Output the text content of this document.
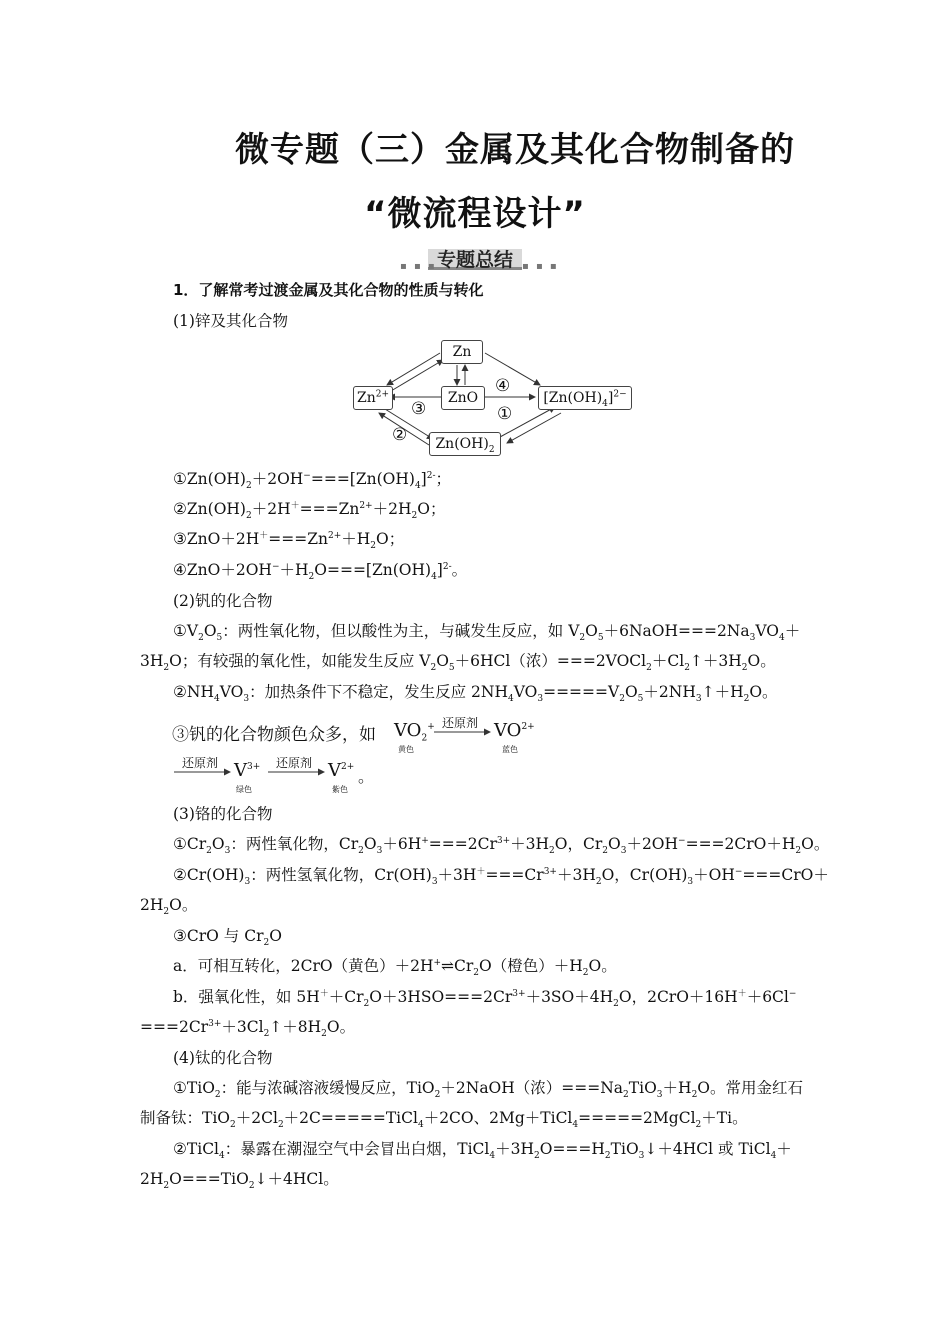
微专题（三）金属及其化合物制备的
“微流程设计”
▪ ▪ ▪	▪ ▪ ▪
专题总结
1．了解常考过渡金属及其化合物的性质与转化
(1)锌及其化合物
Zn
$Zn^{2+}$	ZnO	$[Zn(OH)_4]^{2-}$
$Zn(OH)_2$
④
①
③
②
$①Zn(OH)_2+2OH^-===[Zn(OH)_4]^{2-}$；
$②Zn(OH)_2+2H^+===Zn^{2+}+2H_2O$；
$③ZnO+2H^+===Zn^{2+}+H_2O$；
$④ZnO+2OH^-+H_2O===[Zn(OH)_4]^{2-}$。
(2)钒的化合物
$①V_2O_5$：两性氧化物，但以酸性为主，与碱发生反应，如 $V_2O_5+6NaOH===2Na_3VO_4+$
$3H_2O$；有较强的氧化性，如能发生反应 $V_2O_5+6HCl$（浓）$===2VOCl_2+Cl_2↑+3H_2O$。
$②NH_4VO_3$：加热条件下不稳定，发生反应 $2NH_4VO_3=====V_2O_5+2NH_3↑+H_2O$。
③钒的化合物颜色众多，如 $VO_2^+$
黄色
还原剂 $VO^{2+}$
蓝色
还原剂 $V^{3+}$
绿色
还原剂 $V^{2+}$
紫色
。
(3)铬的化合物
$①Cr_2O_3$：两性氧化物，$Cr_2O_3+6H^+===2Cr^{3+}+3H_2O$，$Cr_2O_3+2OH^-===2CrO+H_2O$。
$②Cr(OH)_3$：两性氢氧化物，$Cr(OH)_3+3H^+===Cr^{3+}+3H_2O$，$Cr(OH)_3+OH^-===CrO+$
$2H_2O$。
③CrO 与 $Cr_2O$
a．可相互转化，2CrO（黄色）$+2H^+\rightleftharpoons Cr_2O$（橙色）$+H_2O$。
b．强氧化性，如 $5H^++Cr_2O+3HSO===2Cr^{3+}+3SO+4H_2O$，2CrO＋16H＋＋6Cl−
$===2Cr^{3+}+3Cl_2↑+8H_2O$。
(4)钛的化合物
①TiO$_2$：能与浓碱溶液缓慢反应，TiO$_2$＋2NaOH（浓）$===Na_2TiO_3+H_2O$。常用金红石
制备钛：$TiO_2+2Cl_2+2C=====TiCl_4+2CO$、2Mg＋TiCl$_4$=====2MgCl$_2$＋Ti。
②TiCl$_4$：暴露在潮湿空气中会冒出白烟，$TiCl_4+3H_2O===H_2TiO_3↓+4HCl$ 或 TiCl$_4$＋
$2H_2O===TiO_2↓+4HCl$。
